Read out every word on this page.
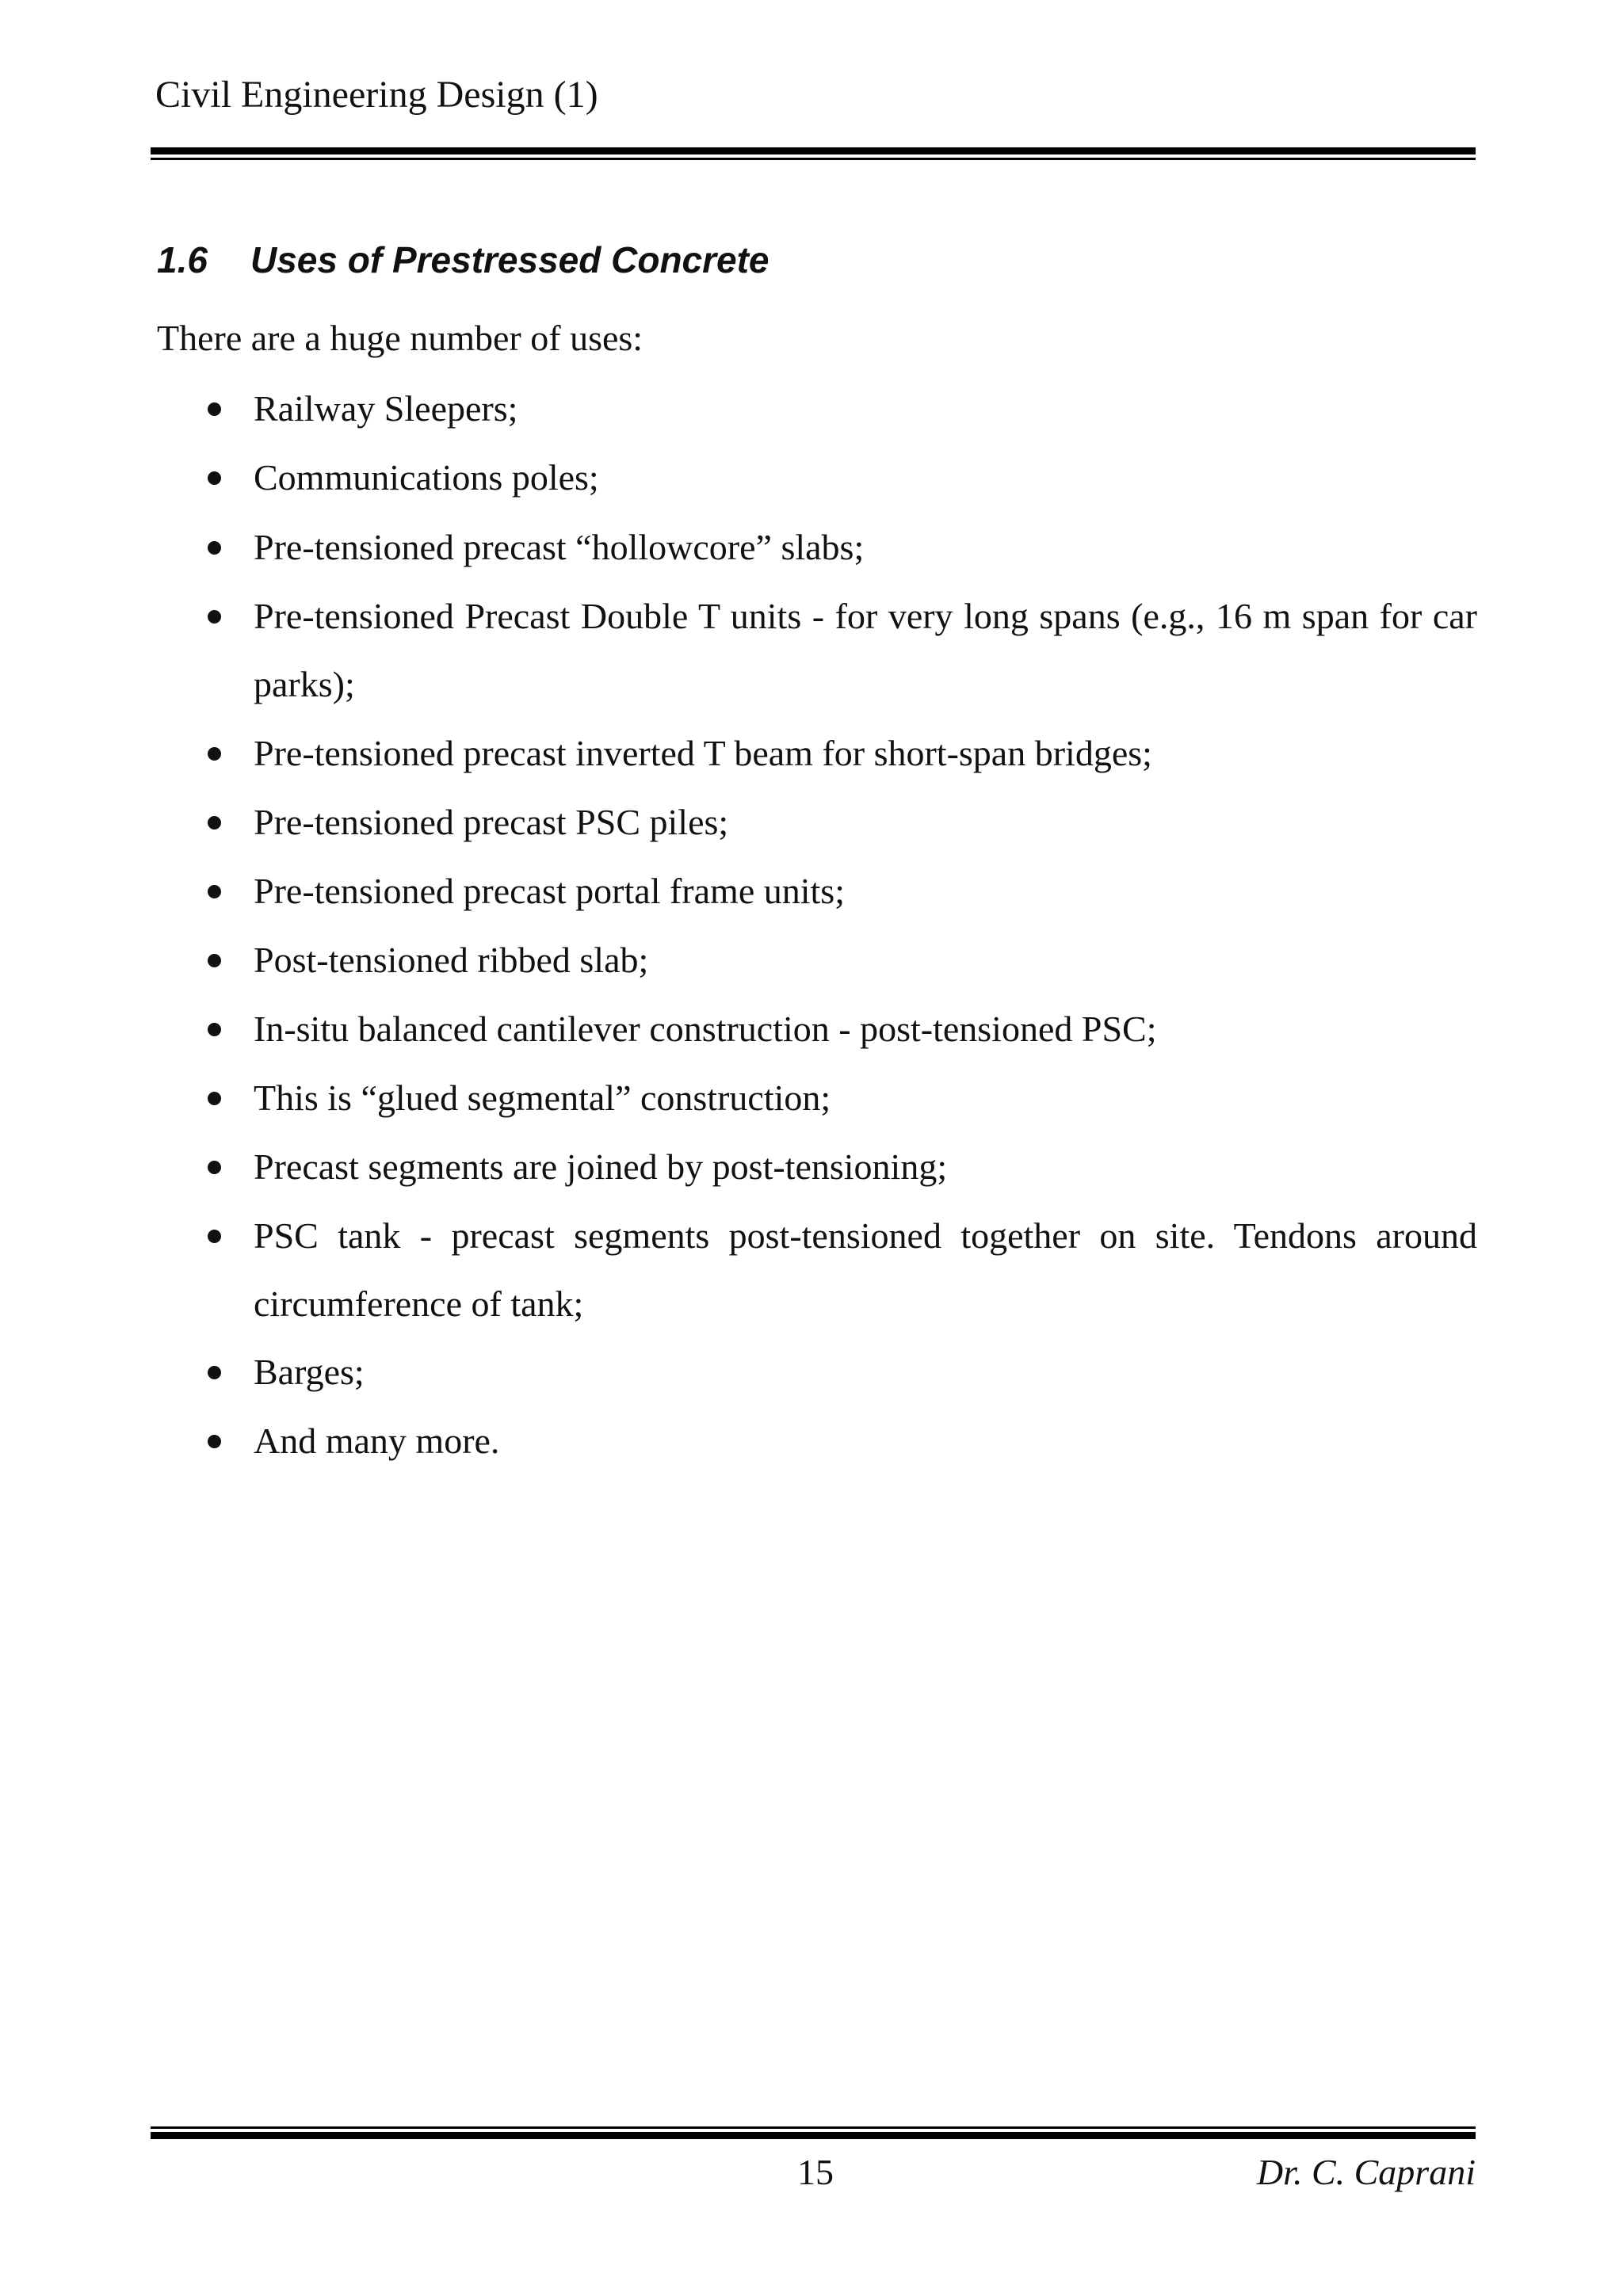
Civil Engineering Design (1)
1.6 Uses of Prestressed Concrete
There are a huge number of uses:
Railway Sleepers;
Communications poles;
Pre-tensioned precast “hollowcore” slabs;
Pre-tensioned Precast Double T units - for very long spans (e.g., 16 m span for car parks);
Pre-tensioned precast inverted T beam for short-span bridges;
Pre-tensioned precast PSC piles;
Pre-tensioned precast portal frame units;
Post-tensioned ribbed slab;
In-situ balanced cantilever construction - post-tensioned PSC;
This is “glued segmental” construction;
Precast segments are joined by post-tensioning;
PSC tank - precast segments post-tensioned together on site. Tendons around circumference of tank;
Barges;
And many more.
15	Dr. C. Caprani
